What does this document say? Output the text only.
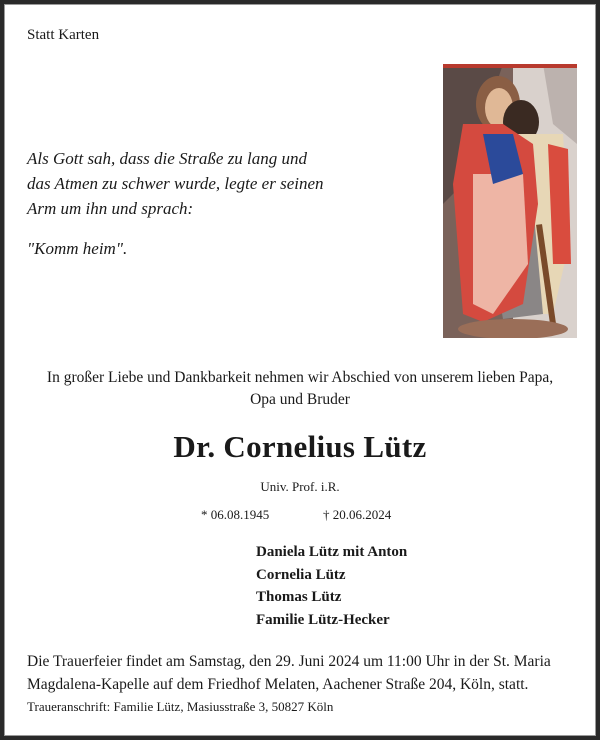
Statt Karten
Als Gott sah, dass die Straße zu lang und
das Atmen zu schwer wurde, legte er seinen
Arm um ihn und sprach:
"Komm heim".
In großer Liebe und Dankbarkeit nehmen wir Abschied von unserem lieben Papa,
Opa und Bruder
Dr. Cornelius Lütz
Univ. Prof. i.R.
* 06.08.1945	† 20.06.2024
Daniela Lütz mit Anton
Cornelia Lütz
Thomas Lütz
Familie Lütz-Hecker
Die Trauerfeier findet am Samstag, den 29. Juni 2024 um 11:00 Uhr in der St. Maria
Magdalena-Kapelle auf dem Friedhof Melaten, Aachener Straße 204, Köln, statt.
Traueranschrift: Familie Lütz, Masiusstraße 3, 50827 Köln
